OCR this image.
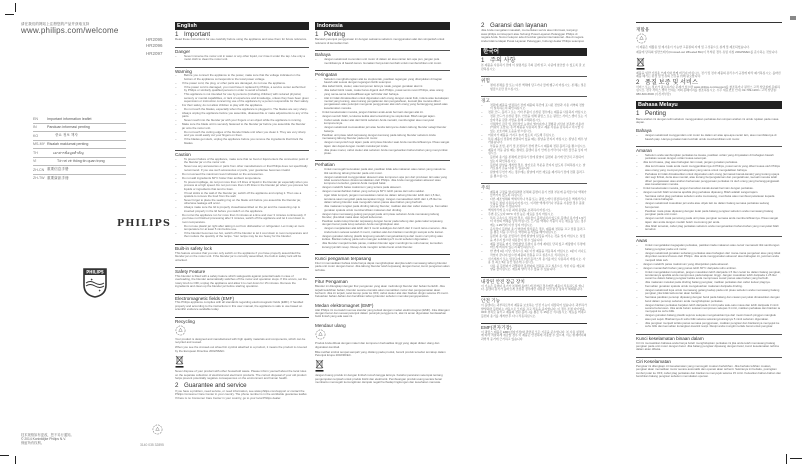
请在我们的网站上注册您的产品并获取支持
www.philips.com/welcome
HR2095
HR2096
HR2097
EN	Important information leaflet
IN	Panduan informasi penting
KO	중요 정보 책자
MS-MY Risalah maklumat penting
TH	เอกสารข้อมูลสำคัญ
VI	Tờ rơi về thông tin quan trọng
ZH-CN 重要信息手册
ZH-TW 重要資訊手冊
PHILIPS
PHILIPS
✦
✦
技术规格如有更改，恕不另行通知。
© 2014 Koninklijke Philips N.V.
保留所有权利。	3140 035 32895
English
1 Important
Read these instructions for use carefully before using the appliance and save them for future reference.
Danger
– Never immerse the motor unit in water or any other liquid, nor rinse it under the tap. Use only a moist cloth to clean the motor unit.
Warning
– Before you connect the appliance to the power, make sure that the voltage indicated on the bottom of the appliance corresponds to the local power voltage.
– If the power cord, the plug, or other parts are damaged, do not use the appliance.
– If the power cord is damaged, you must have it replaced by Philips, a service center authorized by Philips or similarly qualified persons in order to avoid a hazard.
– This appliance is not intended for use by persons (including children) with reduced physical, sensory or mental capabilities, or lack of experience and knowledge, unless they have been given supervision or instruction concerning use of the appliance by a person responsible for their safety.
– For their safety, do not allow children to play with the appliance.
– Do not touch the blades, especially when the appliance is plugged in. The blades are very sharp.
– Always unplug the appliance before you assemble, disassemble or make adjustments to any of the parts.
– Never reach into the blender jar with your fingers or an object while the appliance is running.
– Make sure the blade unit is securely fastened to the blender jar before you assemble the blender jar onto the motor unit.
– Do not touch the cutting edges of the blender blade unit when you clean it. They are very sharp and you could easily cut your fingers on them.
– If the blades get stuck, unplug the appliance before you remove the ingredients that block the blades.
Caution
– To prevent failure of the appliance, make sure that no food or liquid enters the connection point of the blender jar on the motor unit.
– Never use any accessories or parts from other manufacturers or that Philips does not specifically recommend. If you use such accessories or parts, your guarantee becomes invalid.
– Do not exceed the maximum level indicated on the accessories.
– Do not add ingredients 60°C hotter than ambient temperature.
– To prevent spillage, do not put more than 1.5 litres of liquid in the blender jar especially when you process at a high speed. Do not put more than 1.25 litres in the blender jar when you process hot liquids or ingredients that tend to foam.
– If food sticks to the wall of the blender jar, switch off the appliance and unplug it. Then use a spatula to remove the food from the wall.
– Never forget to place the sealing ring on the blade unit before you assemble the blender jar, otherwise leakage will occur.
– Always make sure the lid is properly closed/assembled on the jar and the measuring cup is inserted properly in the lid before you switch on the appliance.
– Do not let the appliance run for more than 3 minutes at a time and over 3 minutes continuously. If you have not finished processing after 3 minutes, switch off the appliance and let it cool down to room temperature.
– Do not use plastic jar right after taking it out from dishwasher or refrigerator. Let it stay at room temperature for at least 5 min before use.
– If the blender becomes too hot, switch off the blender to let it cool down to room temperature and then reduce the quantity of the recipe. Your recipe may be too heavy for the blender.
Built-in safety lock
This feature ensures that you can only switch on the appliance if you have properly assembled the blender jar on the motor unit. If the blender jar is correctly assembled, the built-in safety lock will be unlocked.
Safety Feature
This blender is fitted with a safety feature which safeguards against potential loads in case of overloading, the blender automatically switches off the motor and operation stops. If this occurs, set the rotary knob to OFF, unplug the appliance and allow it to cool down for 15 minutes. Remove the ingredients and clean up the blender jar before starting operation.
Electromagnetic fields (EMF)
This Philips appliance complies with all standards regarding electromagnetic fields (EMF). If handled properly and according to the instructions in this user manual, the appliance is safe to use based on scientific evidence available today.
Recycling
Your product is designed and manufactured with high quality materials and components, which can be recycled and reused.
When you see the crossed-out wheel bin symbol attached to a product, it means the product is covered by the European Directive 2002/96/EC.
Never dispose of your product with other household waste. Please inform yourself about the local rules on the separate collection of electrical and electronic products. The correct disposal of your old product helps prevent potentially negative consequences on the environment and human health.
2 Guarantee and service
If you have a problem, need service, or need information, see www.philips.com/support or contact the Philips Consumer Care Center in your country. The phone number is in the worldwide guarantee leaflet. If there is no Consumer Care Center in your country, go to your local Philips dealer.
Indonesia
1 Penting
Bacalah petunjuk penggunaan ini dengan seksama sebelum menggunakan alat dan simpanlah untuk referensi di kemudian hari.
Bahaya
– Jangan sekali-kali merendam unit motor di dalam air atau cairan lain apa pun, jangan pula membilasnya di bawah keran. Gunakan hanya kain lembab untuk membersihkan unit motor.
Peringatan
– Sebelum menghubungkan alat ke stopkontak, pastikan tegangan yang ditunjukkan di bagian bawah alat sesuai dengan tegangan listrik setempat.
– Jika kabel listrik, steker, atau komponen lainnya rusak, jangan gunakan alat ini.
– Jika kabel listrik rusak, maka harus diganti oleh Philips, pusat servis resmi Philips, atau orang yang sama-sama berkualifikasi agar terhindar dari bahaya.
– Alat ini tidak dimaksudkan untuk digunakan oleh orang dengan cacat fisik, indera atau kecakapan mental yang kurang, atau kurang pengalaman dan pengetahuan, kecuali jika mereka diberi pengawasan atau petunjuk mengenai penggunaan alat oleh orang yang bertanggung jawab atas keselamatan mereka.
– Untuk keselamatan mereka, jangan biarkan anak-anak bermain dengan alat ini.
– Jangan sentuh bilah, terutama ketika alat tersambung ke stopkontak. Bilah sangat tajam.
– Cabut selalu steker alat dari listrik sebelum Anda merakit, membongkar atau menyetel komponennya.
– Jangan sekali-kali memasukkan jari atau benda lainnya ke dalam tabung blender selagi blender bekerja.
– Pastikan unit pisau telah terpasang dengan kencang pada tabung blender sebelum Anda memasang tabung blender pada unit motor.
– Jangan menyentuh tepi tajam pada unit pisau blender saat Anda membersihkannya. Pisau sangat tajam dan dapat dengan mudah melukai jari Anda.
– Jika pisau macet, cabut steker alat sebelum Anda mengeluarkan bahan-bahan yang menyumbat pisau.
Perhatian
– Untuk mencegah kerusakan pada alat, pastikan tidak ada makanan atau cairan yang masuk ke titik sambung tabung blender pada unit motor.
– Jangan sekali-kali menggunakan aksesori atau komponen apa pun dari produsen lain atau yang tidak secara khusus direkomendasikan oleh Philips. Jika Anda menggunakan aksesori atau komponen tersebut, garansi Anda menjadi batal.
– Jangan melebihi batas maksimum yang tertera pada aksesori.
– Jangan menambahkan bahan yang suhunya 60°C lebih panas dari suhu sekitar.
– Agar tidak tumpah, jangan memasukkan cairan ke dalam tabung blender lebih dari 1,5 liter, terutama saat mengolah pada kecepatan tinggi. Jangan memasukkan lebih dari 1,25 liter ke dalam tabung blender saat mengolah cairan panas atau bahan yang berbuih.
– Jika makanan lengket pada dinding tabung blender, matikan alat dan cabut stekernya. Kemudian gunakan spatula untuk membersihkan makanan dari dinding.
– Jangan lupa memasang gelang penyegel pada unit pisau sebelum Anda memasang tabung blender, jika tidak maka akan terjadi kebocoran.
– Pastikan selalu tutup blender terpasang dengan benar pada tabung dan gelas takar terpasang dengan benar pada tutup sebelum Anda menghidupkan alat.
– Jangan menjalankan alat lebih dari 3 menit sekaligus dan lebih dari 3 menit terus-menerus. Jika Anda belum selesai setelah 3 menit, matikan alat dan biarkan mendingin sampai suhu kamar.
– Jangan gunakan tabung plastik langsung setelah mengeluarkannya dari mesin cuci piring atau kulkas. Biarkan tabung pada suhu ruangan setidaknya 5 menit sebelum digunakan.
– Jika blender menjadi terlalu panas, matikan blender agar mendingin ke suhu kamar, kemudian kurangi jumlah resep. Resep Anda mungkin terlalu berat untuk blender.
Kunci pengaman terpasang
Fitur ini memastikan bahwa Anda hanya dapat menghidupkan alat jika telah memasang tabung blender pada unit motor dengan benar. Jika tabung blender telah terpasang dengan benar, kunci pengaman akan terbuka.
Fitur Pengaman
Blender ini dilengkapi dengan fitur pengaman yang akan melindungi blender dari beban berlebih. Jika terjadi kelebihan beban, blender secara otomatis akan mematikan motor dan pengoperasian akan berhenti. Jika ini terjadi, setel kenop putar ke OFF, cabut steker alat dan biarkan dingin selama 15 menit. Keluarkan bahan-bahan dan bersihkan tabung blender sebelum memulai pengoperasian.
Medan elektromagnet (EMF)
Alat Philips ini mematuhi semua standar yang terkait dengan medan elektromagnet (EMF). Jika ditangani dengan benar dan sesuai petunjuk dalam petunjuk pengguna ini, alat ini aman digunakan berdasarkan bukti ilmiah yang ada saat ini.
Mendaur ulang
Produk Anda dibuat dengan materi dan komponen berkualitas tinggi yang dapat didaur ulang dan digunakan kembali.
Bila melihat simbol tempat sampah yang disilang pada produk, berarti produk tersebut tercakup dalam Petunjuk Eropa 2002/96/EC.
Jangan buang produk ini dengan limbah rumah tangga lainnya. Ketahui peraturan setempat tentang pengumpulan terpisah untuk produk listrik dan elektronik. Pembuangan produk usang secara benar membantu mencegah kemungkinan dampak negatif terhadap lingkungan dan kesehatan manusia.
2 Garansi dan layanan
Jika Anda mengalami masalah, memerlukan servis atau informasi, kunjungi www.philips.com/support atau hubungi Pusat Layanan Pelanggan Philips di negara Anda. Nomor telepon ada di lembar garansi internasional. Jika di negara Anda tidak terdapat Pusat Layanan Pelanggan, hubungi dealer Philips setempat.
한국어
1 주의 사항
본 제품을 사용하기 전에 이 설명서를 주의 깊게 읽고, 나중에 참조할 수 있도록 잘 보관하십시오.
위험
– 절대 본체를 물 또는 다른 액체에 담그거나 물에 헹구지 마십시오. 본체는 젖은 헝겊으로만 닦으십시오.
경고
– 전원에 제품을 연결하기 전에 제품의 하단에 표시된 전압과 사용 지역의 전압이 일치하는지 확인하십시오.
– 전원 코드, 플러그 또는 기타 부품이 손상된 경우에는 제품을 사용하지 마십시오.
– 전원 코드가 손상된 경우, 안전을 위해 필립스 또는 필립스 서비스 센터 또는 기술자격을 갖춘 사람을 통해 교체하십시오.
– 신체적인 감각 및 정신적인 능력이 떨어지거나 경험과 지식이 부족한 사용자(어린이 포함)는 혼자 제품을 사용하지 말고 제품 사용을 감독하고 지시할 수 있는 보호자의 도움을 받으십시오.
– 어린이가 제품을 가지고 놀지 않도록 지도해 주십시오.
– 특히 제품이 전원에 연결되어 있을 때는 칼날을 만지지 마십시오. 칼날은 매우 날카롭습니다.
– 부품을 조립, 분리 및 조정하기 전에 반드시 제품의 전원 플러그를 뽑으십시오.
– 제품이 작동 중일 때는 절대로 블렌더 용기 안에 손가락이나 다른 물건을 넣지 마십시오.
– 블렌더 용기를 본체에 조립하기 전에 칼날이 블렌더 용기에 단단히 고정되어 있는지 확인하십시오.
– 블렌더 칼날을 세척할 경우, 날카로운 부분을 만지지 않도록 주의하십시오. 날카로워서 손을 다칠 수 있습니다.
– 칼날에 무언가 끼는 경우에는 칼날에 끼인 재료를 제거하기 전에 전원 플러그를 뽑으십시오.
주의
– 제품의 고장을 방지하려면 본체의 블렌더 용기 연결 부분에 음식물이나 액체가 들어가지 않도록 하십시오.
– 다른 제조업체의 액세서리나 부품 또는 필립스에서 권장하지 않은 액세서리나 부품은 절대 사용하지 마십시오. 이러한 액세서리나 부품을 사용할 경우 품질 보증을 받을 수 없습니다.
– 액세서리에 표시된 최대 용량을 초과하지 마십시오.
– 주변 온도보다 60°C 이상 높은 재료를 넣지 마십시오.
– 특히 고속으로 작동할 경우, 내용물이 흘러넘치지 않도록 블렌더 용기에 1.5리터 이상의 액체를 넣지 마십시오. 뜨거운 액체나 거품이 나는 재료를 넣는 경우에는 1.25리터 이상 넣지 마십시오.
– 음식물이 블렌더 용기 벽면에 달라붙은 경우, 제품의 전원을 끄고 전원 플러그를 뽑은 다음 주걱으로 벽면의 음식물을 떼어내십시오.
– 블렌더 용기를 조립하기 전에 칼날에 실링을 끼우는 것을 잊지 마십시오. 실링을 끼우지 않으면 내용물이 샐 수 있습니다.
– 제품 전원을 켜기 전에 항상 뚜껑이 용기에 제대로 닫혀 있고 계량컵이 뚜껑에 바르게 끼워져 있는지 확인하십시오.
– 한 번에 3분 이상, 연속으로 3분 이상 제품을 작동하지 마십시오. 3분이 지나도 작업이 끝나지 않으면 제품의 전원을 끄고 실온으로 식히십시오.
– 식기세척기 또는 냉장고에서 꺼낸 플라스틱 용기를 바로 사용하지 마십시오. 사용 전 최소 5분 동안 실온에 두십시오.
– 사용 중 블렌더가 과열되면 블렌더의 전원을 끄고 실온으로 식힌 다음 재료의 양을 줄이십시오. 재료의 양이 너무 많을 수 있습니다.
내장된 안전 잠금 장치
이 기능은 블렌더 용기가 본체에 올바르게 장착된 경우에만 제품이 작동하도록 합니다. 블렌더 용기가 올바르게 조립된 경우에만 내장된 안전 잠금 장치가 해제됩니다.
안전 기능
이 블렌더는 과부하로부터 제품을 보호하는 안전 기능이 내장되어 있습니다. 과부하가 발생하면 블렌더는 자동으로 모터를 끄고 작동을 중지합니다. 이 경우 조절 다이얼을 OFF 위치로 돌리고 제품의 전원 플러그를 뽑은 후 15분간 식히십시오. 재료를 꺼내고 블렌더 용기를 세척한 후 다시 작동하십시오.
EMF(전자기장)
이 필립스 제품은 EMF(전자기장)와 관련된 모든 기준을 준수합니다. 본 사용 설명서에 따라 적절하게 취급할 경우 이 제품은 안전하게 사용할 수 있으며, 이는 현재까지의 과학적 증거에 근거하고 있습니다.
재활용
이 제품은 재활용 및 재사용이 가능한 고품질의 자재 및 구성품으로 설계 및 제조되었습니다.
제품에 당하의 일반쓰레기(Crossed-out Wheeled Bin)이 부착된 경우 유럽 지침 2002/96/EC를 준수하는 것입니다.
제품을 일반 가정용 쓰레기와 함께 버리지 마십시오. 전기 및 전자 제품의 분리수거 규정에 따라 폐기하십시오. 올바른 제품 폐기는 환경 및 인류의 건강을 위해 필요합니다.
2 품질 보증 및 서비스
서비스 또는 정보가 필요하거나 문제가 있으면 www.philips.com/support를 참조하거나 필립스 고객 상담실에 문의하십시오. 전국 서비스 센터 안내는 저희 홈페이지를 참조하십시오. 수주 대표번호 안내: 02-709-1200 • 고객 상담실: 080-600-6600 (수신자부담)
Bahasa Melayu
1 Penting
Baca arahan ini dengan teliti sebelum menggunakan perkakas dan simpan arahan ini untuk rujukan pada masa depan.
Bahaya
– Jangan sekali-kali menggendam unit motor ke dalam air atau apa-apa cecair lain, atau membilasnya di bawah paip. Hanya gunakan kain lembab untuk membersihkan unit motor.
Amaran
– Sebelum anda sambungkan perkakas ke kuasa, pastikan voltan yang dinyatakan di bahagian bawah perkakas sesuai dengan voltan kuasa setempat.
– Jika kord kuasa, plag atau bahagian lain rosak, jangan gunakan perkakas.
– Jika kord kuasa rosak anda mesti menggantikannya di Philips, pusat servis yang diberi kuasa oleh Philips atau orang yang mempunyai kelayakan yang sama untuk mengelakkan bahaya.
– Perkakas ini tidak dimaksudkan untuk digunakan oleh orang (termasuk kanak-kanak) yang kurang upaya dari segi fizikal, deria atau mental, atau kurang berpengalaman dan pengetahuan, kecuali mereka telah diberi pengawasan atau arahan berkenaan penggunaan perkakas ini oleh orang yang bertanggungjawab atas keselamatan mereka.
– Untuk keselamatan mereka, jangan benarkan kanak-kanak bermain dengan perkakas.
– Jangan sentuh bilah terutama apabila plug perkakas dipasang. Bilah adalah sangat tajam.
– Sentiasa cabut plag perkakas sebelum anda memasang, membuka atau membuat pelarasan kepada mana-mana bahagian.
– Jangan sekali-kali masukkan jari anda atau objek lain ke dalam balang semasa perkakas sedang beroperasi.
– Pastikan mata pisau dipasang dengan ketat pada balang pengisar sebelum anda memasang balang pengisar pada unit motor.
– Jangan sentuh mata pemotong pada unit pisau pengisar semasa anda membersihkannya. Pisau sangat tajam dan anda dengan mudah boleh memotong jari anda.
– Jika bilah tersekat, cabut plag perkakas sebelum anda mengeluarkan bahan-bahan yang menyekat bilah tersebut.
Awas
– Untuk mengelakkan kegagalan perkakas, pastikan tiada makanan atau cecair memasuki titik sambungan balang pengisar pada unit motor.
– Jangan sekali-kali gunakan sebarang perkakas atau bahagian dari mana-mana pengeluar atau yang tidak disyorkan secara khusus oleh Philips. Jika anda menggunakan aksesori atau bahagian ini, jaminan anda menjadi tidak sah.
– Jangan melebihi paras maksimum yang ditunjukkan pada aksesori.
– Jangan menambah bahan yang panas lebih 60°C daripada suhu ambien.
– Untuk mengelakkan tumpahan, jangan masukkan lebih daripada 1.5 liter cecair ke dalam balang pengisar, terutamanya apabila anda memproses pada kelajuan tinggi. Jangan masukkan lebih daripada 1.25 liter cecair ke dalam balang pengisar ketika anda memproses cecair panas atau bahan yang berbuih.
– Jika makanan melekat pada dinding balang pengisar, matikan perkakas dan cabut keluar plagnya. Kemudian gunakan spatula untuk mengeluarkan makanan daripada dinding.
– Jangan sekali-kali lupa untuk memasang gelang kedap pada unit pisau sebelum anda memasang balang pengisar, jika tidak kebocoran akan berlaku.
– Sentiasa pastikan penutup dipasang dengan betul pada balang dan cawan penyukat dimasukkan dengan betul dalam penutup sebelum anda menghidupkan perkakas.
– Jangan biarkan perkakas berjalan lebih daripada 3 minit pada satu-satu masa dan lebih daripada 3 minit secara berterusan. Jika anda belum selesai memproses selepas 3 minit, matikan perkakas dan biarkan ia menyejuk ke suhu bilik.
– Jangan gunakan balang plastik sejurus selepas mengeluarkannya dari mesin basuh pinggan mangkuk atau peti sejuk. Biarkannya di suhu bilik selama sekurang-kurangnya 5 minit sebelum digunakan.
– Jika pengisar menjadi terlalu panas semasa penggunaan, matikan pengisar dan biarkannya menyejuk ke suhu bilik dan kemudian kurangkan kuantiti resipi. Resipi anda mungkin terlalu berat untuk pengisar.
Kunci keselamatan binaan dalam
Ciri ini memastikan bahawa anda hanya boleh menghidupkan perkakas ini jika anda telah memasang balang pengisar pada unit motor dengan betul. Jika balang pengisar dipasang dengan betul, kunci keselamatan terbina dalam akan dibuka.
Ciri Keselamatan
Pengisar ini dilengkapi ciri keselamatan yang mencegah muatan berlebihan. Jika berlaku lebihan muatan, pengisar akan mematikan motor secara automatik dan operasi akan terhenti. Sekiranya ini berlaku, pusingkan tombol putar ke OFF, cabut plag perkakas dan biarkan ia menyejuk selama 15 minit. Keluarkan bahan-bahan dan bersihkan balang pengisar sebelum memulakan operasi.
